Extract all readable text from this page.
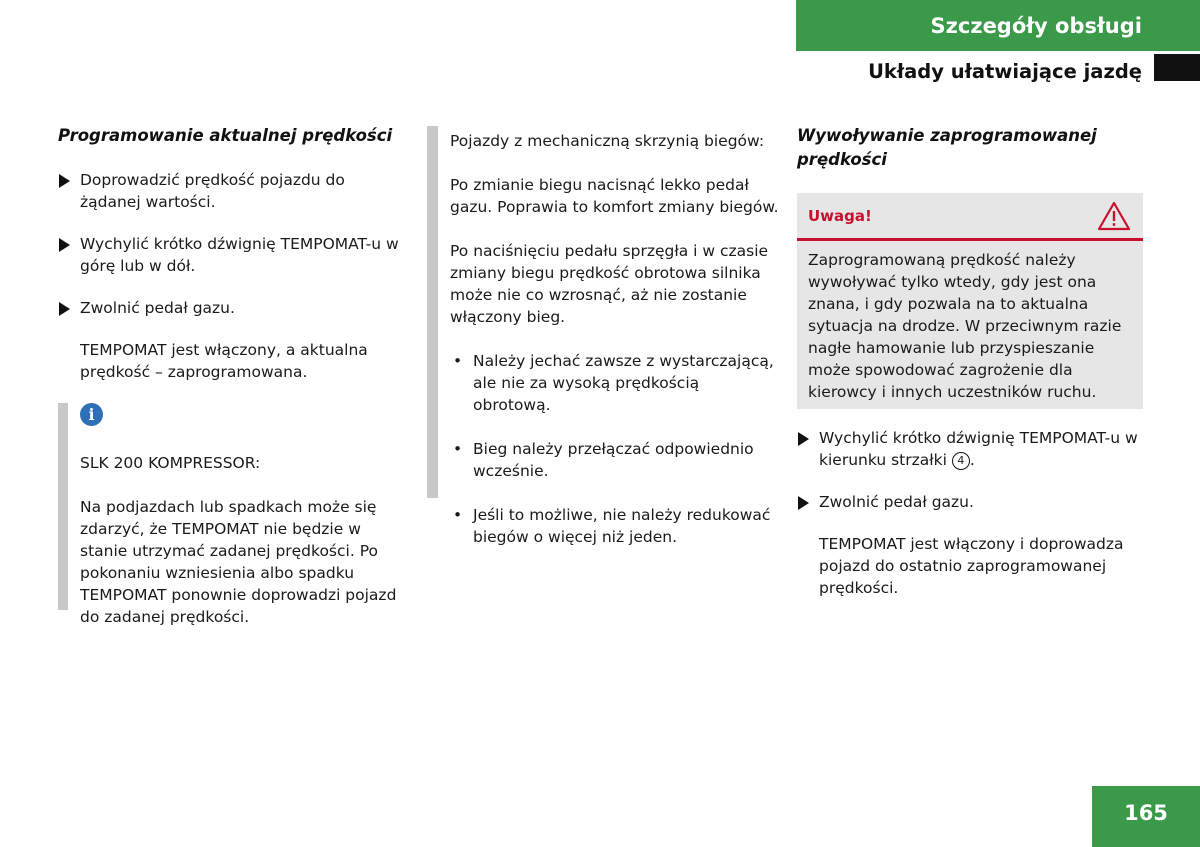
Szczegóły obsługi
Układy ułatwiające jazdę
Programowanie aktualnej prędkości
Doprowadzić prędkość pojazdu do żądanej wartości.
Wychylić krótko dźwignię TEMPOMAT-u w górę lub w dół.
Zwolnić pedał gazu.
TEMPOMAT jest włączony, a aktualna prędkość – zaprogramowana.
i
SLK 200 KOMPRESSOR:
Na podjazdach lub spadkach może się zdarzyć, że TEMPOMAT nie będzie w stanie utrzymać zadanej prędkości. Po pokonaniu wzniesienia albo spadku TEMPOMAT ponownie doprowadzi pojazd do zadanej prędkości.
Pojazdy z mechaniczną skrzynią biegów:
Po zmianie biegu nacisnąć lekko pedał gazu. Poprawia to komfort zmiany biegów.
Po naciśnięciu pedału sprzęgła i w czasie zmiany biegu prędkość obrotowa silnika może nie co wzrosnąć, aż nie zostanie włączony bieg.
• Należy jechać zawsze z wystarczającą, ale nie za wysoką prędkością obrotową.
• Bieg należy przełączać odpowiednio wcześnie.
• Jeśli to możliwe, nie należy redukować biegów o więcej niż jeden.
Wywoływanie zaprogramowanej prędkości
Uwaga!
Zaprogramowaną prędkość należy wywoływać tylko wtedy, gdy jest ona znana, i gdy pozwala na to aktualna sytuacja na drodze. W przeciwnym razie nagłe hamowanie lub przyspieszanie może spowodować zagrożenie dla kierowcy i innych uczestników ruchu.
Wychylić krótko dźwignię TEMPOMAT-u w kierunku strzałki 4 .
Zwolnić pedał gazu.
TEMPOMAT jest włączony i doprowadza pojazd do ostatnio zaprogramowanej prędkości.
165
